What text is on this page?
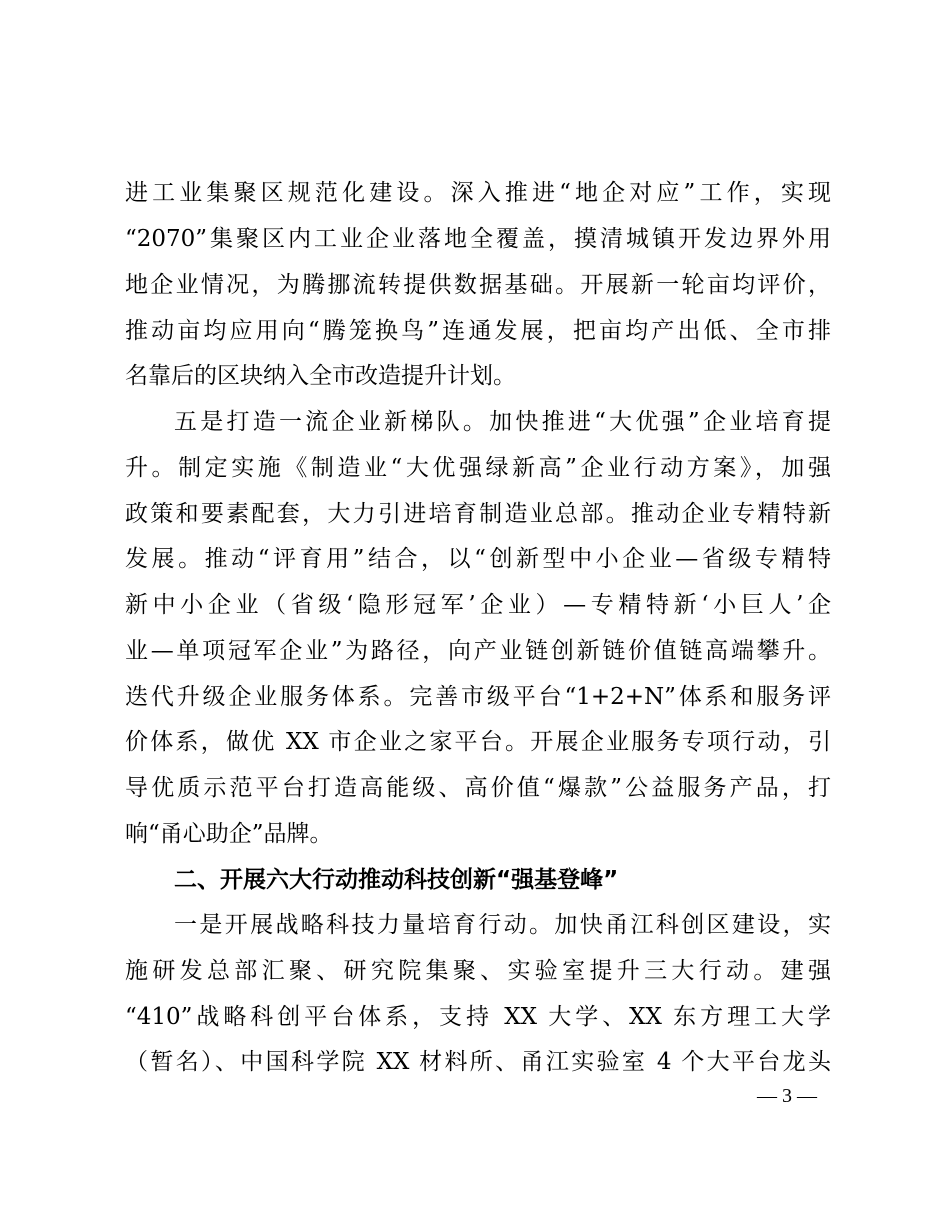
进工业集聚区规范化建设。深入推进“地企对应”工作，实现
“2070”集聚区内工业企业落地全覆盖，摸清城镇开发边界外用
地企业情况，为腾挪流转提供数据基础。开展新一轮亩均评价，
推动亩均应用向“腾笼换鸟”连通发展，把亩均产出低、全市排
名靠后的区块纳入全市改造提升计划。
五是打造一流企业新梯队。加快推进“大优强”企业培育提
升。制定实施《制造业“大优强绿新高”企业行动方案》，加强
政策和要素配套，大力引进培育制造业总部。推动企业专精特新
发展。推动“评育用”结合，以“创新型中小企业—省级专精特
新中小企业（省级‘隐形冠军’企业）—专精特新‘小巨人’企
业—单项冠军企业”为路径，向产业链创新链价值链高端攀升。
迭代升级企业服务体系。完善市级平台“1+2+N”体系和服务评
价体系，做优 XX 市企业之家平台。开展企业服务专项行动，引
导优质示范平台打造高能级、高价值“爆款”公益服务产品，打
响“甬心助企”品牌。
二、开展六大行动推动科技创新“强基登峰”
一是开展战略科技力量培育行动。加快甬江科创区建设，实
施研发总部汇聚、研究院集聚、实验室提升三大行动。建强
“410”战略科创平台体系，支持 XX 大学、XX 东方理工大学
（暂名）、中国科学院 XX 材料所、甬江实验室 4 个大平台龙头
— 3 —
